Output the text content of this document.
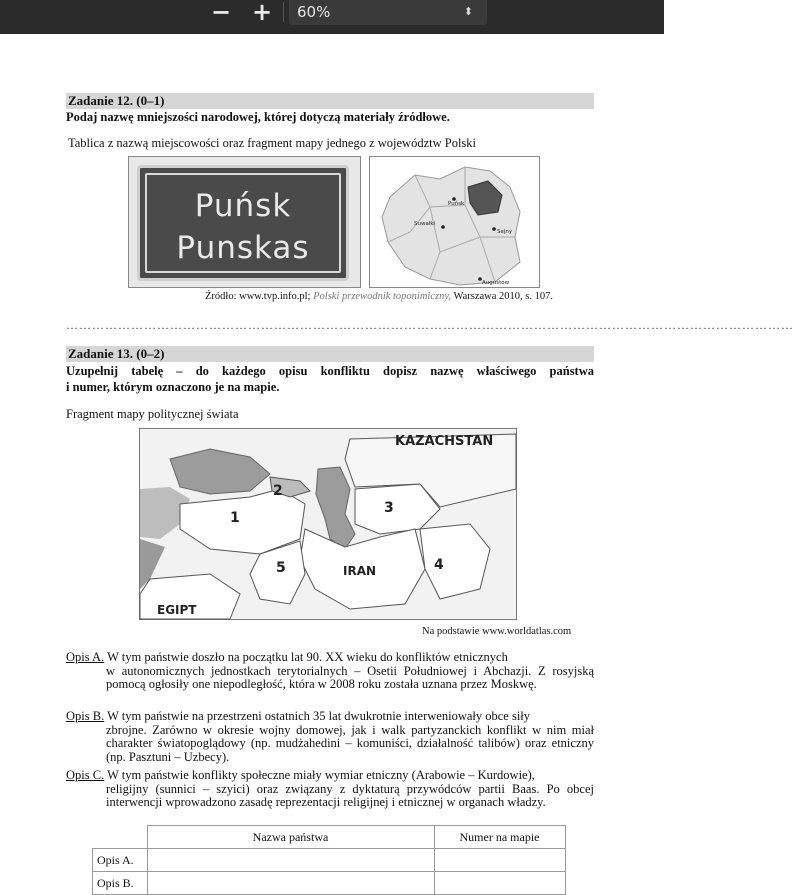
− +	60%	⬍
Zadanie 12. (0–1)
Podaj nazwę mniejszości narodowej, której dotyczą materiały źródłowe.
Tablica z nazwą miejscowości oraz fragment mapy jednego z województw Polski
Puńsk
Punskas
Puńsk
Suwałki
Sejny
Augustów
Źródło: www.tvp.info.pl; Polski przewodnik toponimiczny, Warszawa 2010, s. 107.
……………………………………………………………………………………………………………………………………………………
Zadanie 13. (0–2)
Uzupełnij tabelę – do każdego opisu konfliktu dopisz nazwę właściwego państwa
i numer, którym oznaczono je na mapie.
Fragment mapy politycznej świata
KAZACHSTAN
IRAN
EGIPT
1
2
3
4
5
Na podstawie www.worldatlas.com
Opis A. W tym państwie doszło na początku lat 90. XX wieku do konfliktów etnicznych
w autonomicznych jednostkach terytorialnych – Osetii Południowej i Abchazji. Z rosyjską pomocą ogłosiły one niepodległość, która w 2008 roku została uznana przez Moskwę.
Opis B. W tym państwie na przestrzeni ostatnich 35 lat dwukrotnie interweniowały obce siły
zbrojne. Zarówno w okresie wojny domowej, jak i walk partyzanckich konflikt w nim miał charakter światopoglądowy (np. mudżahedini – komuniści, działalność talibów) oraz etniczny (np. Pasztuni – Uzbecy).
Opis C. W tym państwie konflikty społeczne miały wymiar etniczny (Arabowie – Kurdowie),
religijny (sunnici – szyici) oraz związany z dyktaturą przywódców partii Baas. Po obcej interwencji wprowadzono zasadę reprezentacji religijnej i etnicznej w organach władzy.
	Nazwa państwa	Numer na mapie
Opis A.		
Opis B.		
